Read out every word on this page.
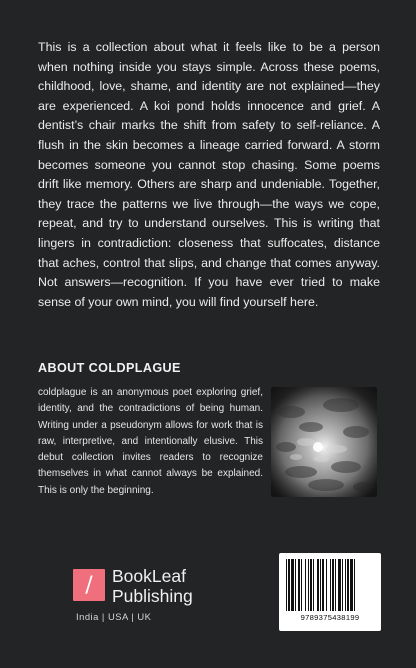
This is a collection about what it feels like to be a person when nothing inside you stays simple. Across these poems, childhood, love, shame, and identity are not explained—they are experienced. A koi pond holds innocence and grief. A dentist’s chair marks the shift from safety to self-reliance. A flush in the skin becomes a lineage carried forward. A storm becomes someone you cannot stop chasing. Some poems drift like memory. Others are sharp and undeniable. Together, they trace the patterns we live through—the ways we cope, repeat, and try to understand ourselves. This is writing that lingers in contradiction: closeness that suffocates, distance that aches, control that slips, and change that comes anyway. Not answers—recognition. If you have ever tried to make sense of your own mind, you will find yourself here.

ABOUT COLDPLAGUE

coldplague is an anonymous poet exploring grief, identity, and the contradictions of being human. Writing under a pseudonym allows for work that is raw, interpretive, and intentionally elusive. This debut collection invites readers to recognize themselves in what cannot always be explained. This is only the beginning.

/	BookLeaf
Publishing
India | USA | UK	9789375438199
